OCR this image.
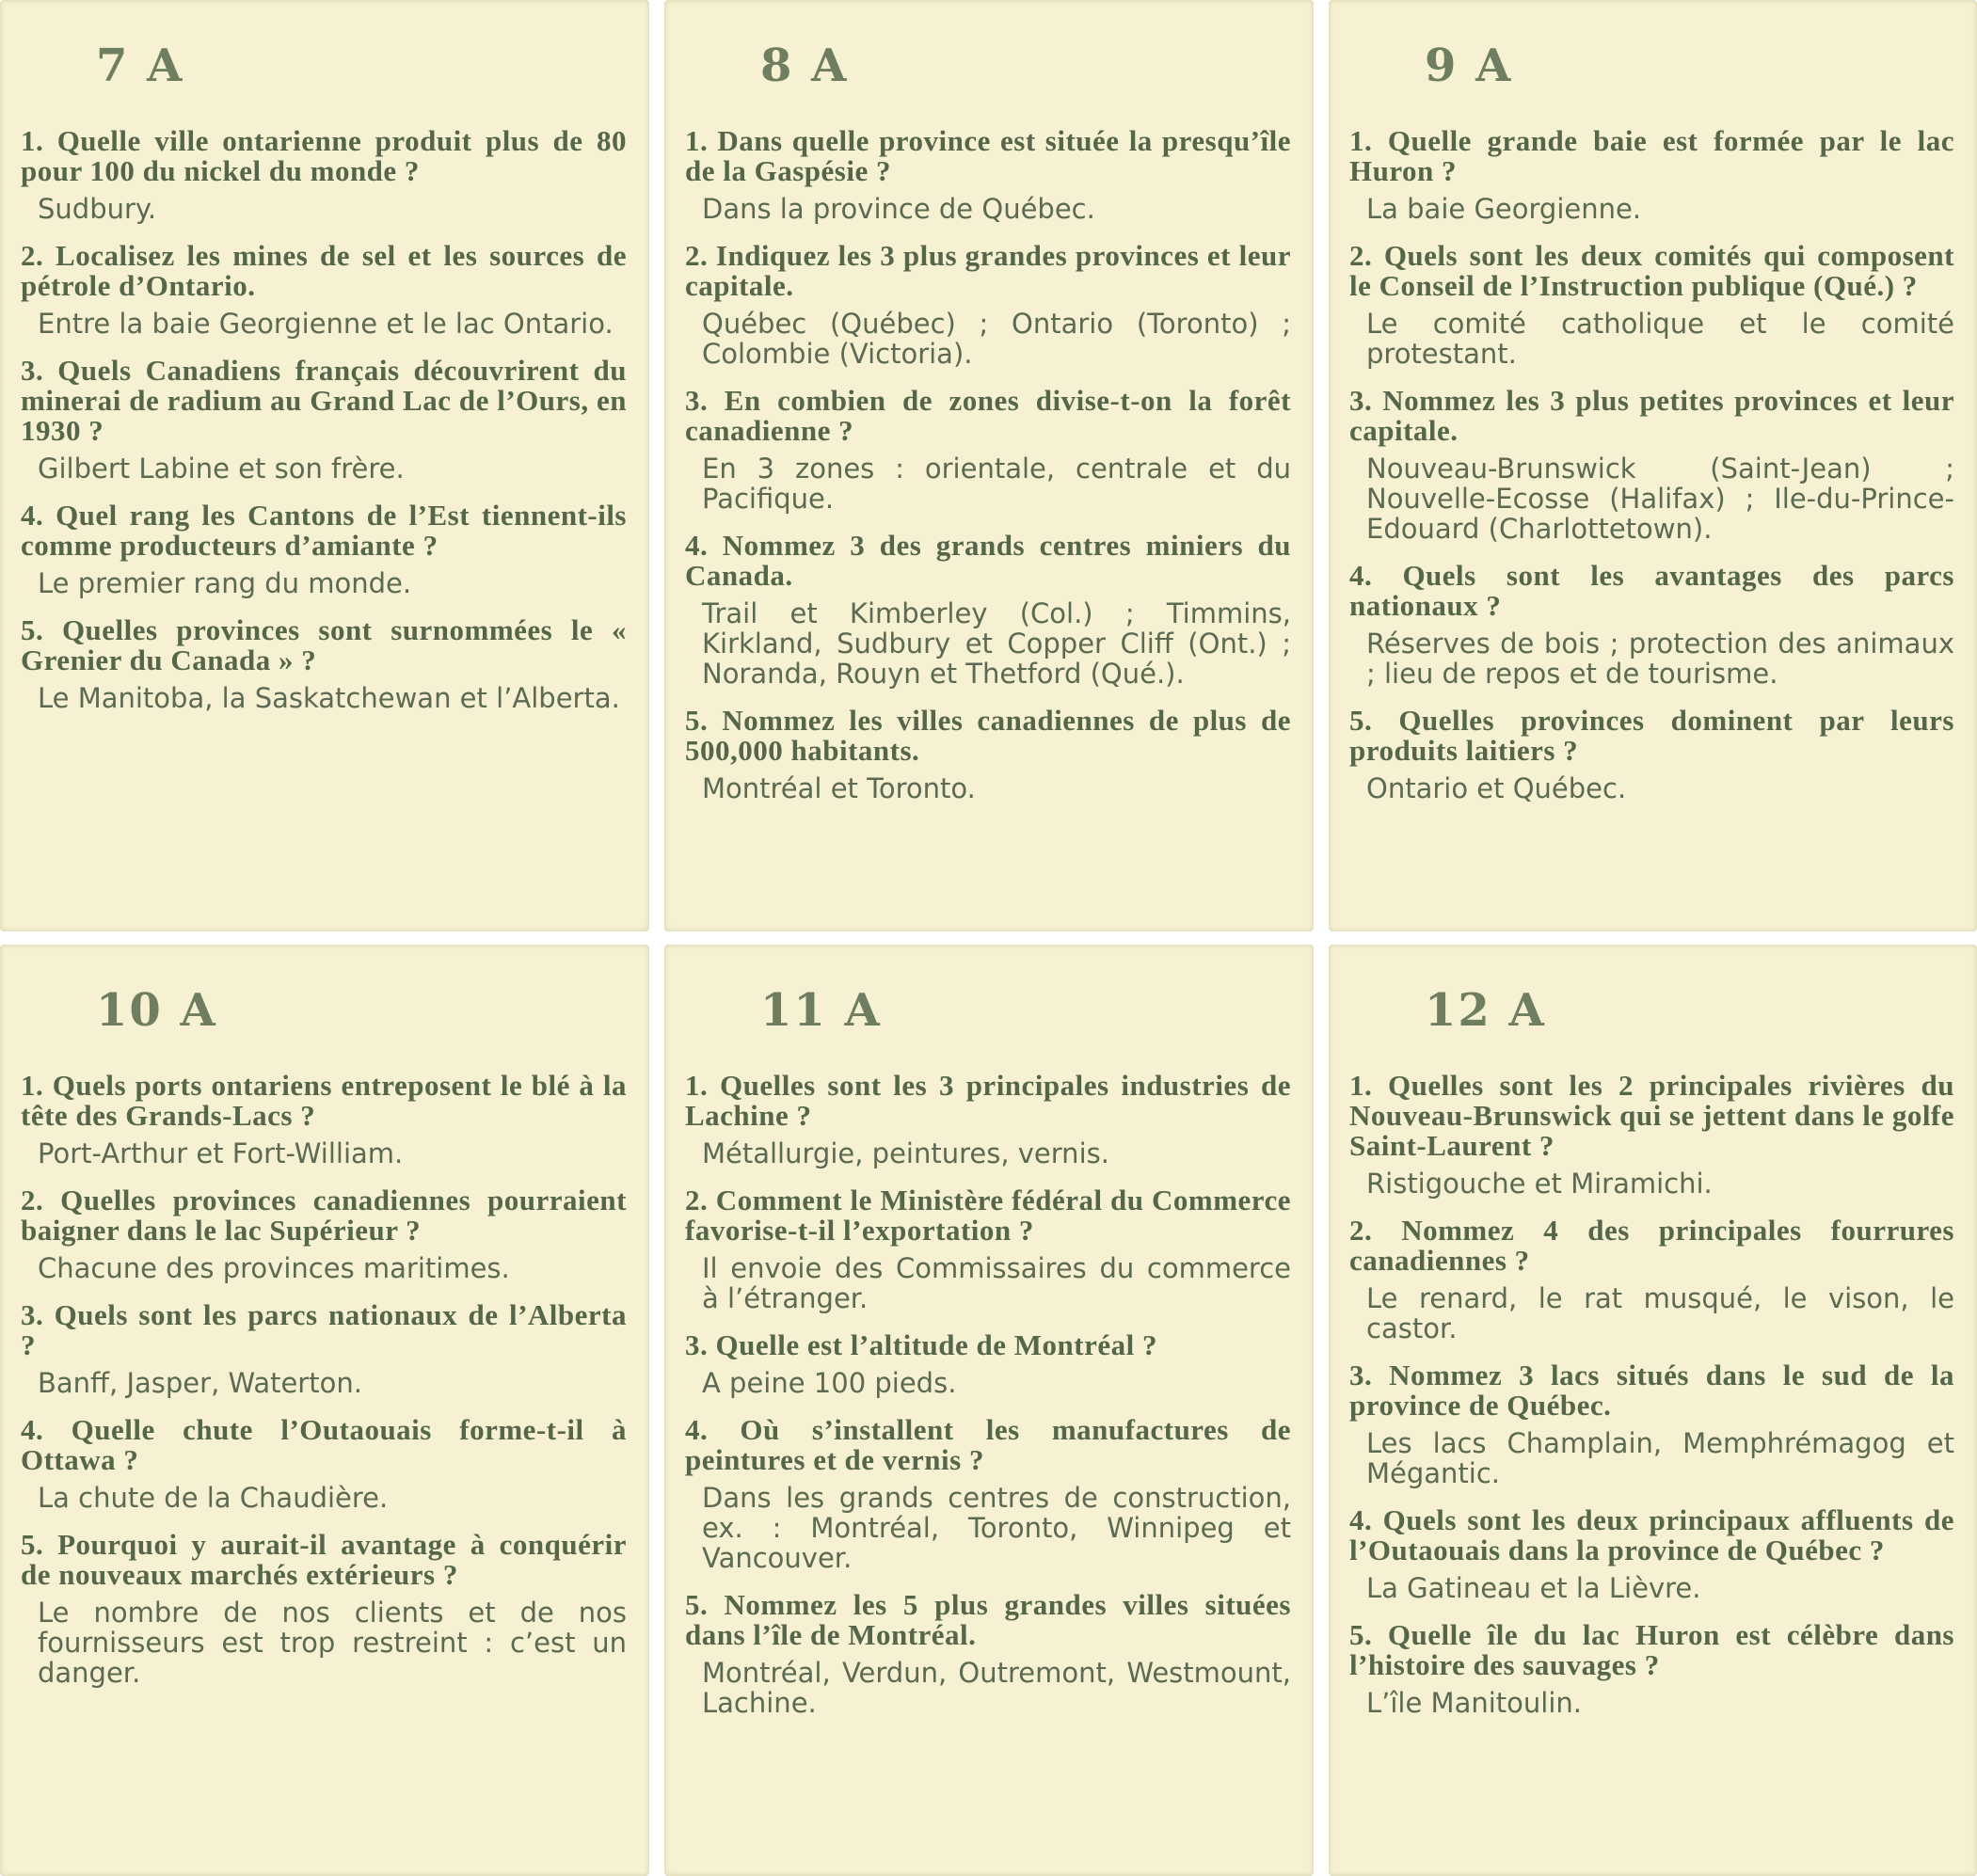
7 A
1. Quelle ville ontarienne produit plus de 80 pour 100 du nickel du monde ?
Sudbury.
2. Localisez les mines de sel et les sources de pétrole d’Ontario.
Entre la baie Georgienne et le lac Ontario.
3. Quels Canadiens français découvrirent du minerai de radium au Grand Lac de l’Ours, en 1930 ?
Gilbert Labine et son frère.
4. Quel rang les Cantons de l’Est tiennent-ils comme producteurs d’amiante ?
Le premier rang du monde.
5. Quelles provinces sont surnommées le « Grenier du Canada » ?
Le Manitoba, la Saskatchewan et l’Alberta.
8 A
1. Dans quelle province est située la presqu’île de la Gaspésie ?
Dans la province de Québec.
2. Indiquez les 3 plus grandes provinces et leur capitale.
Québec (Québec) ; Ontario (Toronto) ; Colombie (Victoria).
3. En combien de zones divise-t-on la forêt canadienne ?
En 3 zones : orientale, centrale et du Pacifique.
4. Nommez 3 des grands centres miniers du Canada.
Trail et Kimberley (Col.) ; Timmins, Kirkland, Sudbury et Copper Cliff (Ont.) ; Noranda, Rouyn et Thetford (Qué.).
5. Nommez les villes canadiennes de plus de 500,000 habitants.
Montréal et Toronto.
9 A
1. Quelle grande baie est formée par le lac Huron ?
La baie Georgienne.
2. Quels sont les deux comités qui composent le Conseil de l’Instruction publique (Qué.) ?
Le comité catholique et le comité protestant.
3. Nommez les 3 plus petites provinces et leur capitale.
Nouveau-Brunswick (Saint-Jean) ; Nouvelle-Ecosse (Halifax) ; Ile-du-Prince-Edouard (Charlottetown).
4. Quels sont les avantages des parcs nationaux ?
Réserves de bois ; protection des animaux ; lieu de repos et de tourisme.
5. Quelles provinces dominent par leurs produits laitiers ?
Ontario et Québec.
10 A
1. Quels ports ontariens entreposent le blé à la tête des Grands-Lacs ?
Port-Arthur et Fort-William.
2. Quelles provinces canadiennes pourraient baigner dans le lac Supérieur ?
Chacune des provinces maritimes.
3. Quels sont les parcs nationaux de l’Alberta ?
Banff, Jasper, Waterton.
4. Quelle chute l’Outaouais forme-t-il à Ottawa ?
La chute de la Chaudière.
5. Pourquoi y aurait-il avantage à conquérir de nouveaux marchés extérieurs ?
Le nombre de nos clients et de nos fournisseurs est trop restreint : c’est un danger.
11 A
1. Quelles sont les 3 principales industries de Lachine ?
Métallurgie, peintures, vernis.
2. Comment le Ministère fédéral du Commerce favorise-t-il l’exportation ?
Il envoie des Commissaires du commerce à l’étranger.
3. Quelle est l’altitude de Montréal ?
A peine 100 pieds.
4. Où s’installent les manufactures de peintures et de vernis ?
Dans les grands centres de construction, ex. : Montréal, Toronto, Winnipeg et Vancouver.
5. Nommez les 5 plus grandes villes situées dans l’île de Montréal.
Montréal, Verdun, Outremont, Westmount, Lachine.
12 A
1. Quelles sont les 2 principales rivières du Nouveau-Brunswick qui se jettent dans le golfe Saint-Laurent ?
Ristigouche et Miramichi.
2. Nommez 4 des principales fourrures canadiennes ?
Le renard, le rat musqué, le vison, le castor.
3. Nommez 3 lacs situés dans le sud de la province de Québec.
Les lacs Champlain, Memphrémagog et Mégantic.
4. Quels sont les deux principaux affluents de l’Outaouais dans la province de Québec ?
La Gatineau et la Lièvre.
5. Quelle île du lac Huron est célèbre dans l’histoire des sauvages ?
L’île Manitoulin.
